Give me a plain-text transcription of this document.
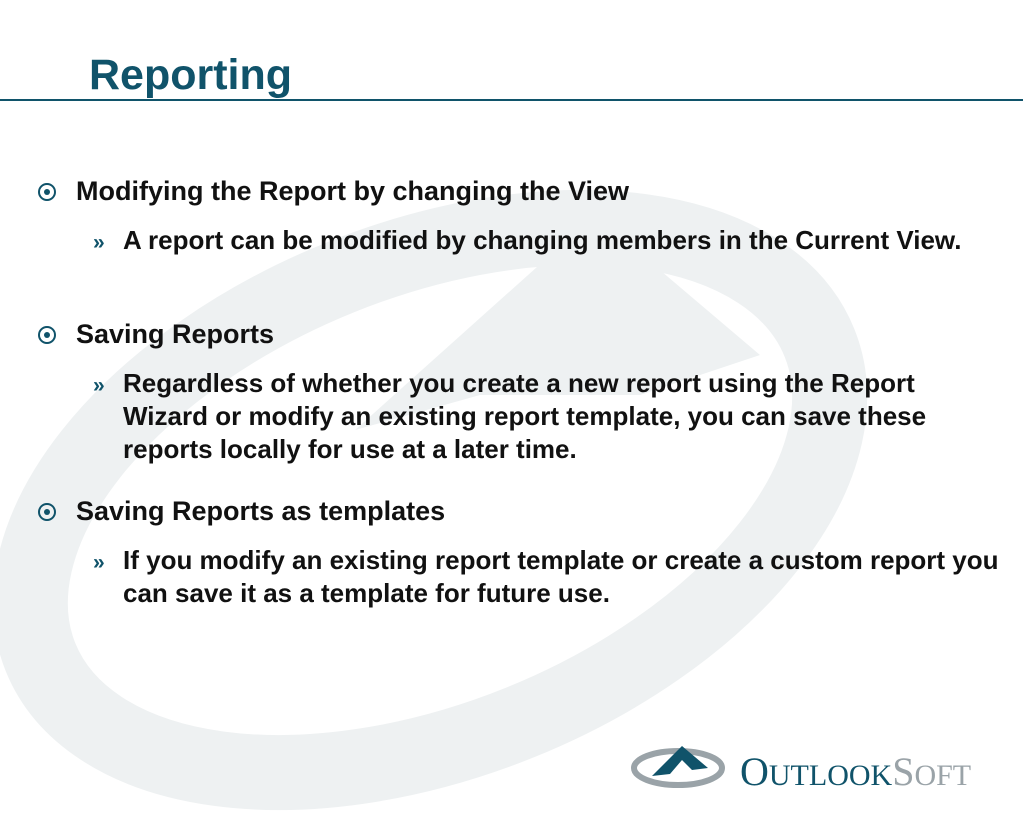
Reporting
Modifying the Report by changing the View
» A report can be modified by changing members in the Current View.
Saving Reports
» Regardless of whether you create a new report using the Report Wizard or modify an existing report template, you can save these reports locally for use at a later time.
Saving Reports as templates
» If you modify an existing report template or create a custom report you can save it as a template for future use.
OUTLOOKSOFT
